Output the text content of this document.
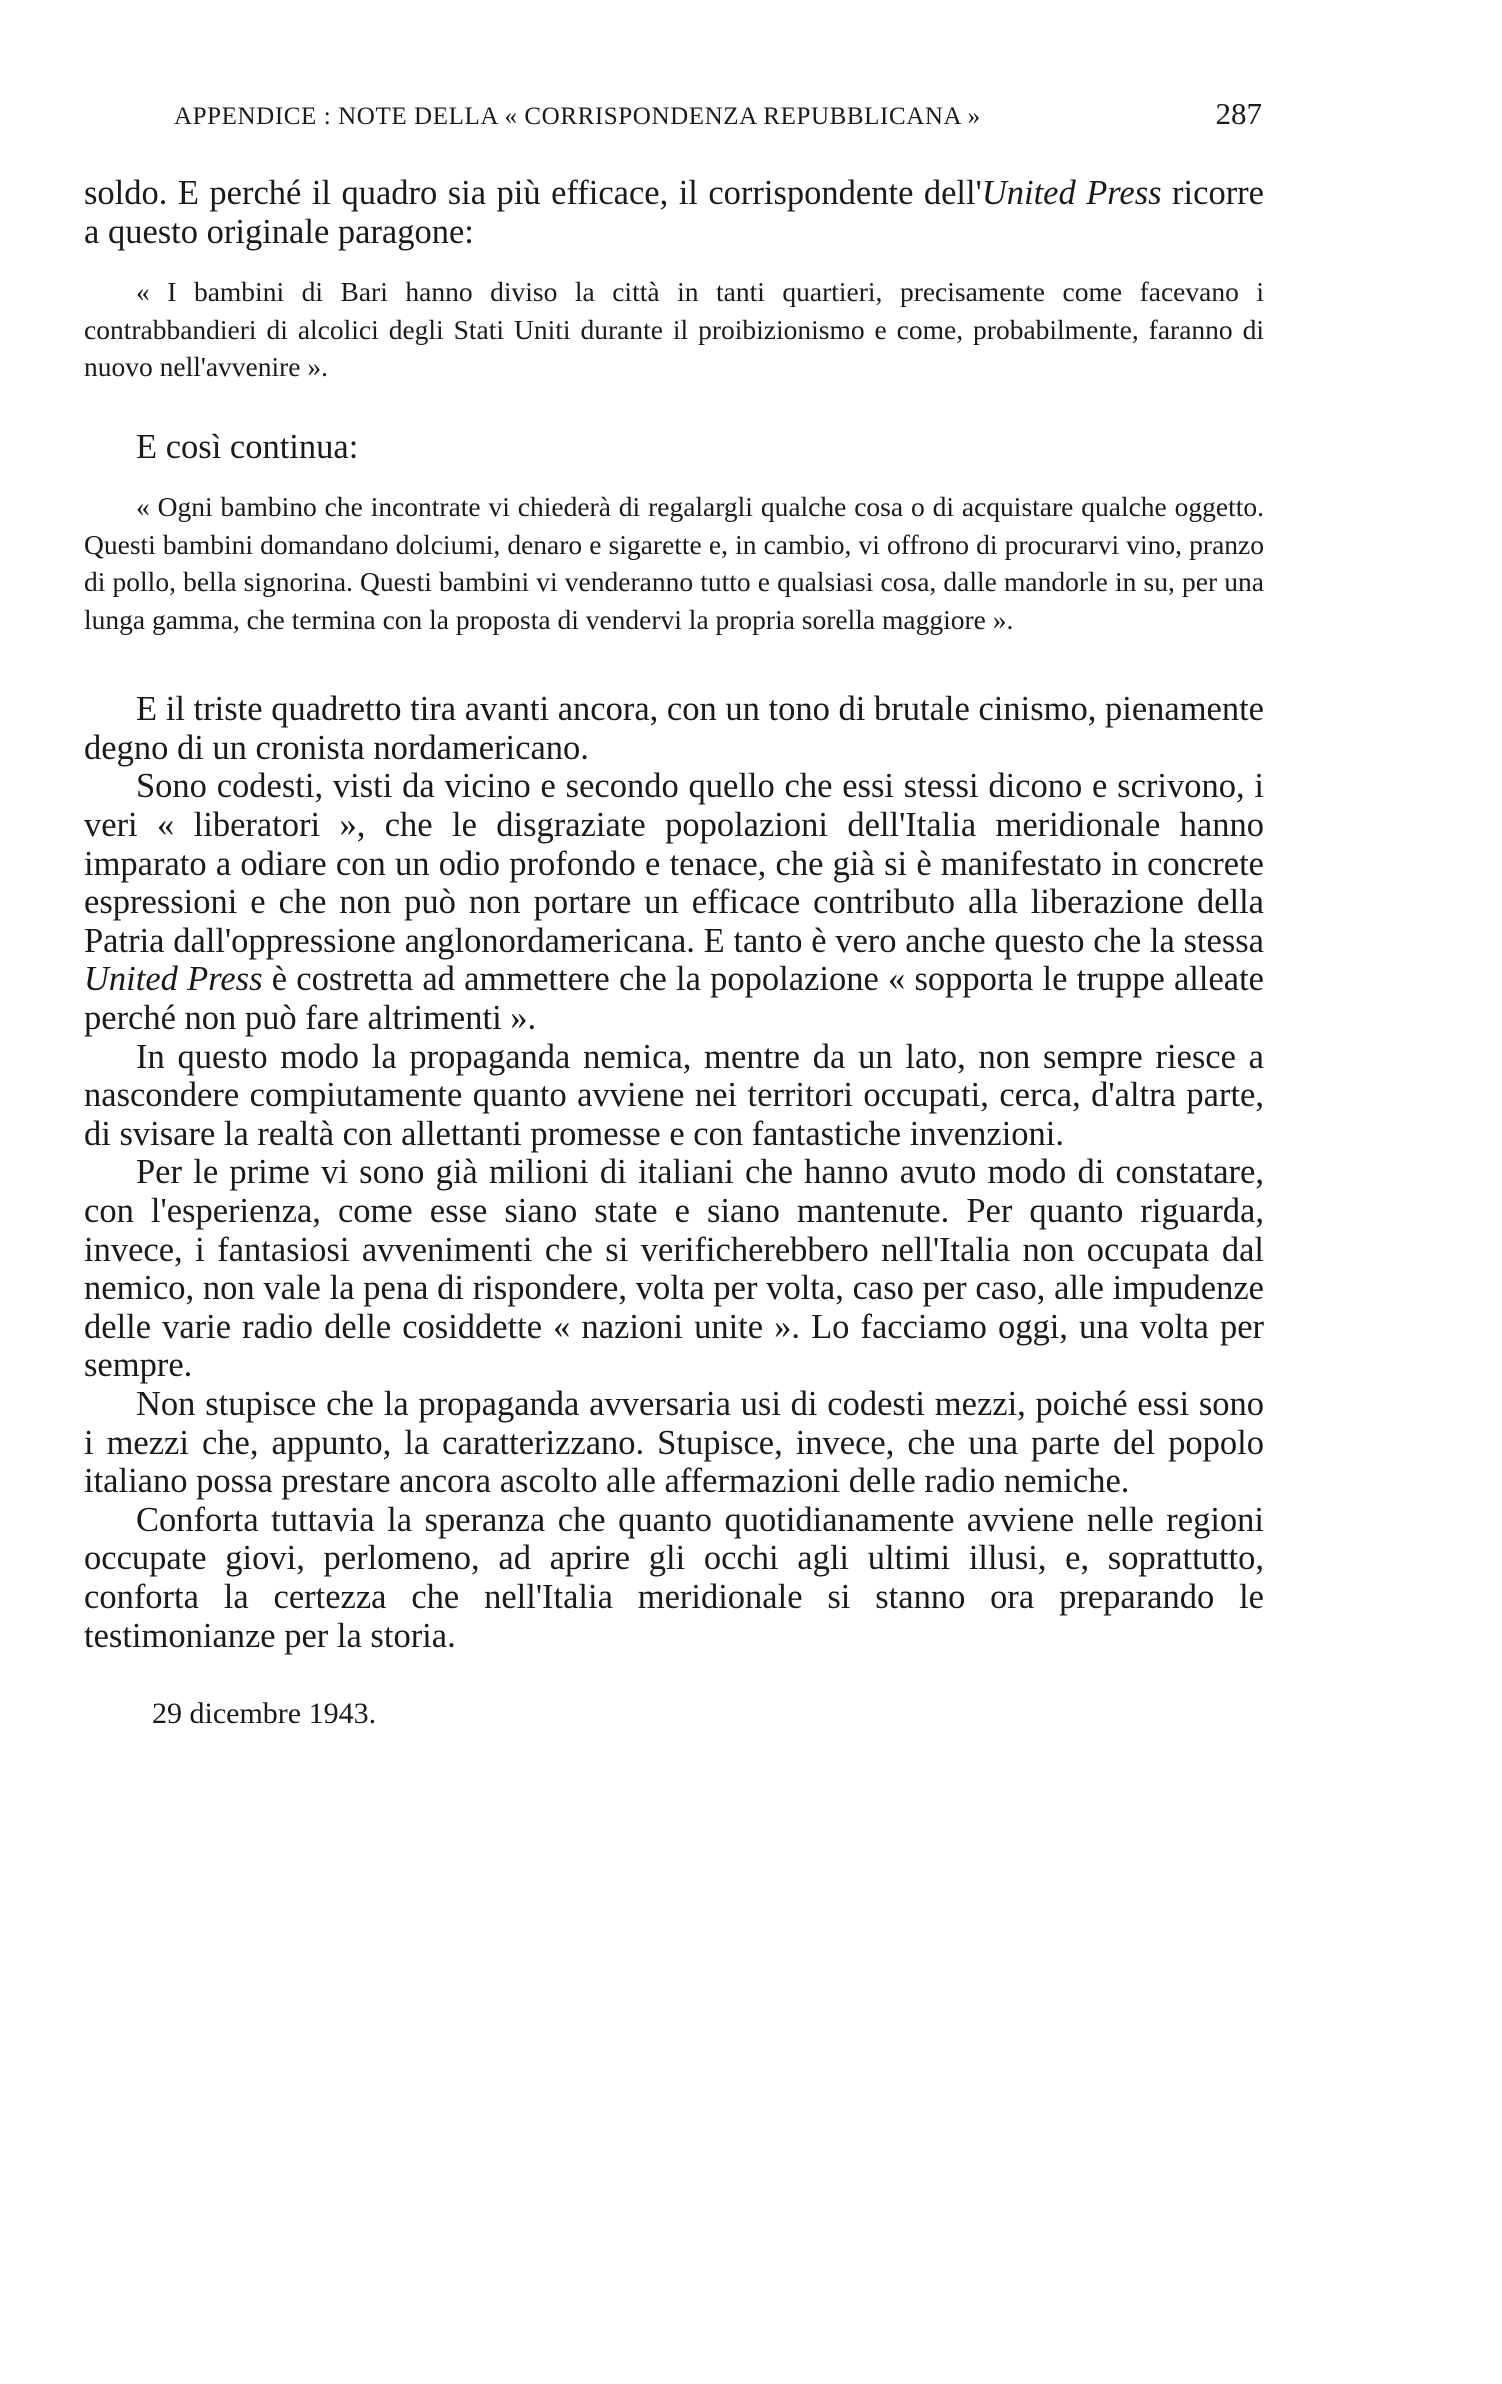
APPENDICE : NOTE DELLA « CORRISPONDENZA REPUBBLICANA »	287

soldo. E perché il quadro sia più efficace, il corrispondente dell'United Press ricorre a questo originale paragone:

« I bambini di Bari hanno diviso la città in tanti quartieri, precisamente come facevano i contrabbandieri di alcolici degli Stati Uniti durante il proibizionismo e come, probabilmente, faranno di nuovo nell'avvenire ».

E così continua:

« Ogni bambino che incontrate vi chiederà di regalargli qualche cosa o di acquistare qualche oggetto. Questi bambini domandano dolciumi, denaro e sigarette e, in cambio, vi offrono di procurarvi vino, pranzo di pollo, bella signorina. Questi bambini vi venderanno tutto e qualsiasi cosa, dalle mandorle in su, per una lunga gamma, che termina con la proposta di vendervi la propria sorella maggiore ».

E il triste quadretto tira avanti ancora, con un tono di brutale cinismo, pienamente degno di un cronista nordamericano.

Sono codesti, visti da vicino e secondo quello che essi stessi dicono e scrivono, i veri « liberatori », che le disgraziate popolazioni dell'Italia meridionale hanno imparato a odiare con un odio profondo e tenace, che già si è manifestato in concrete espressioni e che non può non portare un efficace contributo alla liberazione della Patria dall'oppressione anglonordamericana. E tanto è vero anche questo che la stessa United Press è costretta ad ammettere che la popolazione « sopporta le truppe alleate perché non può fare altrimenti ».

In questo modo la propaganda nemica, mentre da un lato, non sempre riesce a nascondere compiutamente quanto avviene nei territori occupati, cerca, d'altra parte, di svisare la realtà con allettanti promesse e con fantastiche invenzioni.

Per le prime vi sono già milioni di italiani che hanno avuto modo di constatare, con l'esperienza, come esse siano state e siano mantenute. Per quanto riguarda, invece, i fantasiosi avvenimenti che si verificherebbero nell'Italia non occupata dal nemico, non vale la pena di rispondere, volta per volta, caso per caso, alle impudenze delle varie radio delle cosiddette « nazioni unite ». Lo facciamo oggi, una volta per sempre.

Non stupisce che la propaganda avversaria usi di codesti mezzi, poiché essi sono i mezzi che, appunto, la caratterizzano. Stupisce, invece, che una parte del popolo italiano possa prestare ancora ascolto alle affermazioni delle radio nemiche.

Conforta tuttavia la speranza che quanto quotidianamente avviene nelle regioni occupate giovi, perlomeno, ad aprire gli occhi agli ultimi illusi, e, soprattutto, conforta la certezza che nell'Italia meridionale si stanno ora preparando le testimonianze per la storia.

29 dicembre 1943.
